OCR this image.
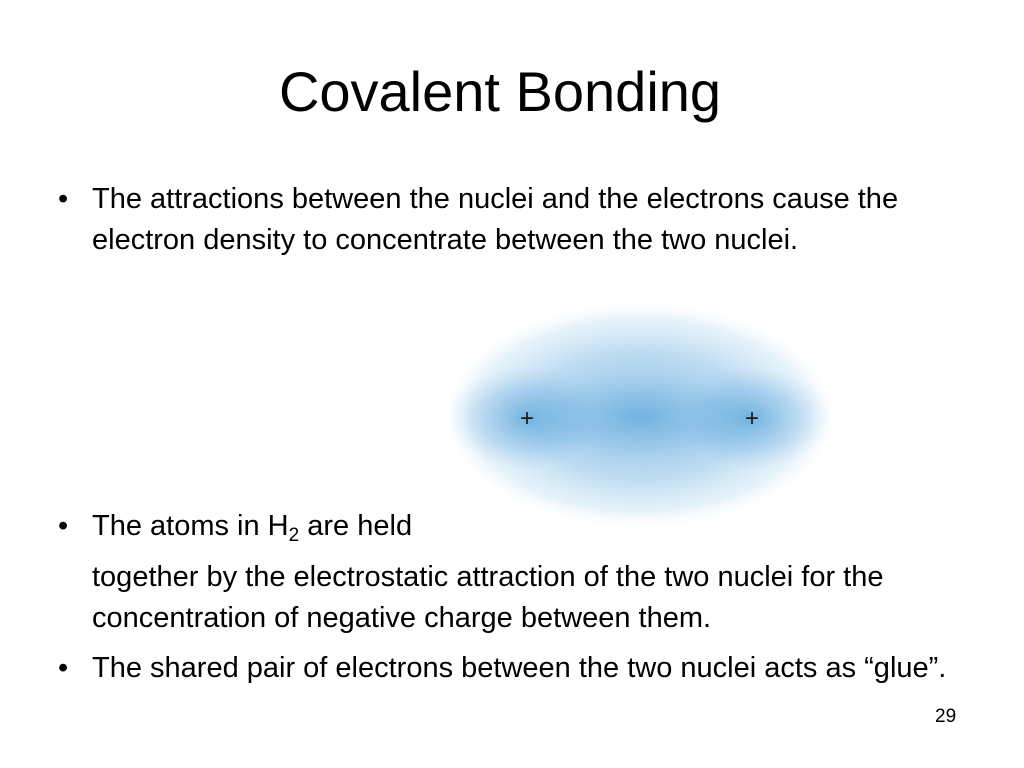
Covalent Bonding
• The attractions between the nuclei and the electrons cause the electron density to concentrate between the two nuclei.
+	+
• The atoms in $H_2$ are held
together by the electrostatic attraction of the two nuclei for the concentration of negative charge between them.
• The shared pair of electrons between the two nuclei acts as “glue”.
29
